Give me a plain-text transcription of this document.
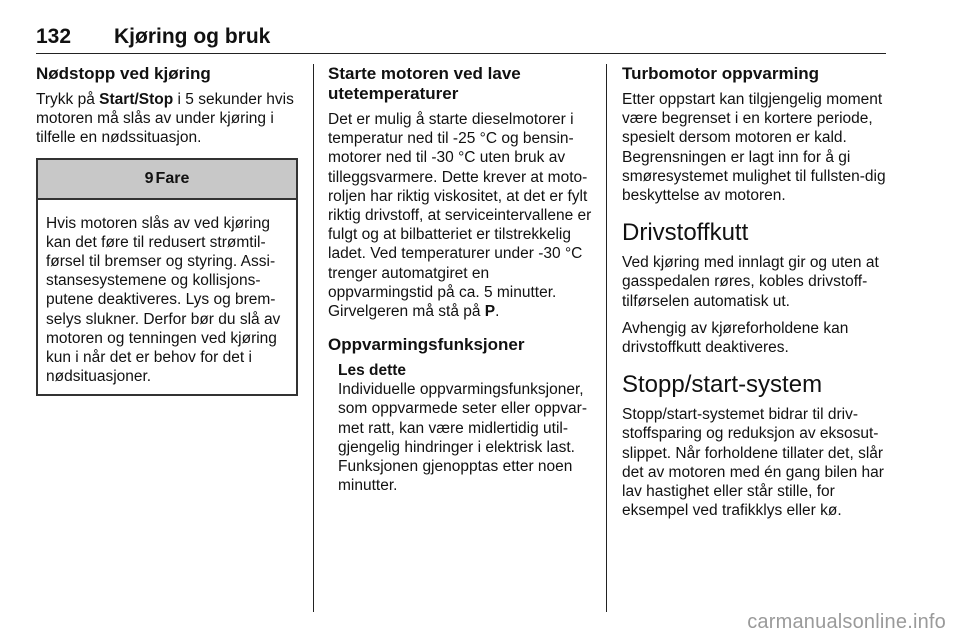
132	Kjøring og bruk
Nødstopp ved kjøring

Trykk på Start/Stop i 5 sekunder hvis motoren må slås av under kjøring i tilfelle en nødssituasjon.

9 Fare

Hvis motoren slås av ved kjøring kan det føre til redusert strømtil-førsel til bremser og styring. Assi-stansesystemene og kollisjons-putene deaktiveres. Lys og brem-selys slukner. Derfor bør du slå av motoren og tenningen ved kjøring kun i når det er behov for det i nødsituasjoner.

Starte motoren ved lave utetemperaturer

Det er mulig å starte dieselmotorer i temperatur ned til -25 °C og bensin-motorer ned til -30 °C uten bruk av tilleggsvarmere. Dette krever at moto-roljen har riktig viskositet, at det er fylt riktig drivstoff, at serviceintervallene er fulgt og at bilbatteriet er tilstrekkelig ladet. Ved temperaturer under -30 °C trenger automatgiret en oppvarmingstid på ca. 5 minutter. Girvelgeren må stå på P.

Oppvarmingsfunksjoner
Les dette

Individuelle oppvarmingsfunksjoner, som oppvarmede seter eller oppvar-met ratt, kan være midlertidig util-gjengelig hindringer i elektrisk last. Funksjonen gjenopptas etter noen minutter.

Turbomotor oppvarming

Etter oppstart kan tilgjengelig moment være begrenset i en kortere periode, spesielt dersom motoren er kald. Begrensningen er lagt inn for å gi smøresystemet mulighet til fullsten-dig beskyttelse av motoren.

Drivstoffkutt

Ved kjøring med innlagt gir og uten at gasspedalen røres, kobles drivstoff-tilførselen automatisk ut.

Avhengig av kjøreforholdene kan drivstoffkutt deaktiveres.

Stopp/start-system

Stopp/start-systemet bidrar til driv-stoffsparing og reduksjon av eksosut-slippet. Når forholdene tillater det, slår det av motoren med én gang bilen har lav hastighet eller står stille, for eksempel ved trafikklys eller kø.

carmanualsonline.info
